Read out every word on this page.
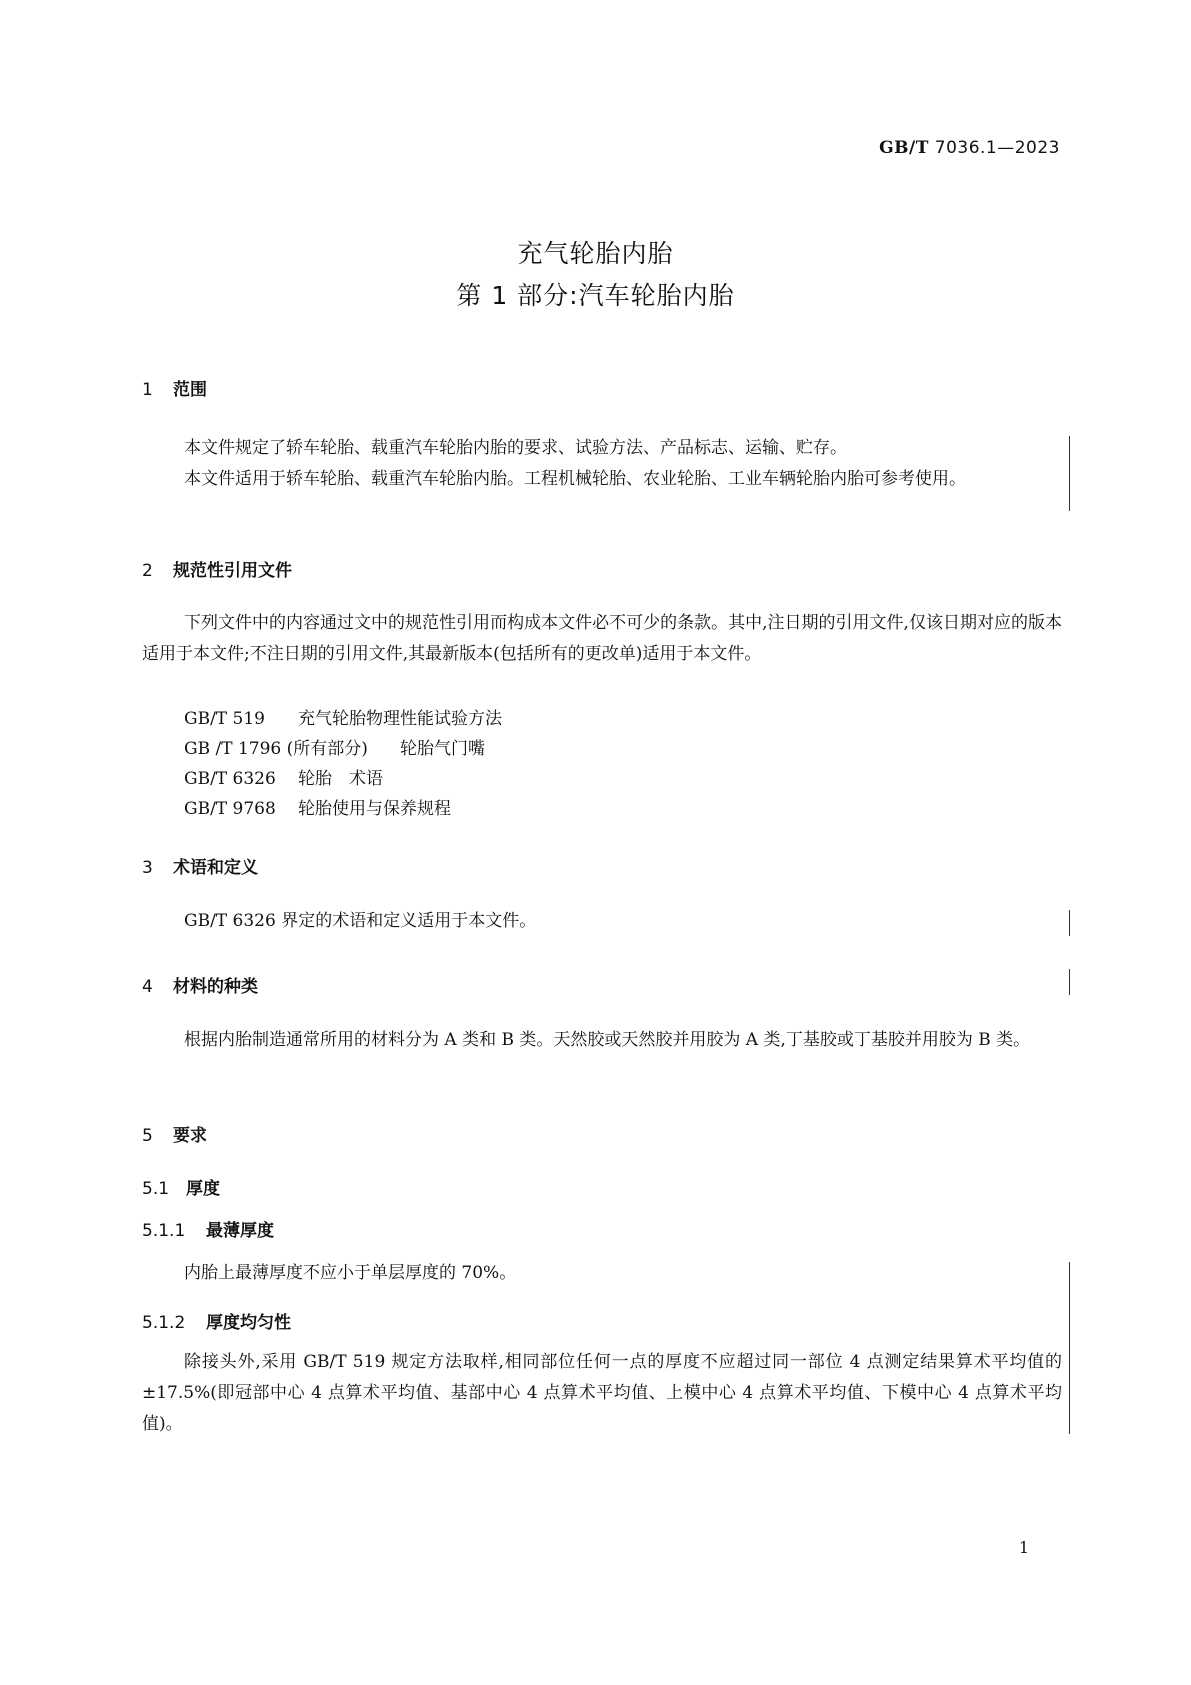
GB/T 7036.1—2023
充气轮胎内胎
第 1 部分:汽车轮胎内胎
1 范围

本文件规定了轿车轮胎、载重汽车轮胎内胎的要求、试验方法、产品标志、运输、贮存。

本文件适用于轿车轮胎、载重汽车轮胎内胎。工程机械轮胎、农业轮胎、工业车辆轮胎内胎可参考使用。

2 规范性引用文件

下列文件中的内容通过文中的规范性引用而构成本文件必不可少的条款。其中,注日期的引用文件,仅该日期对应的版本适用于本文件;不注日期的引用文件,其最新版本(包括所有的更改单)适用于本文件。

GB/T 519 充气轮胎物理性能试验方法
GB /T 1796 (所有部分) 轮胎气门嘴
GB/T 6326 轮胎　术语
GB/T 9768 轮胎使用与保养规程
3 术语和定义

GB/T 6326 界定的术语和定义适用于本文件。

4 材料的种类

根据内胎制造通常所用的材料分为 A 类和 B 类。天然胶或天然胶并用胶为 A 类,丁基胶或丁基胶并用胶为 B 类。

5 要求
5.1 厚度
5.1.1 最薄厚度

内胎上最薄厚度不应小于单层厚度的 70%。

5.1.2 厚度均匀性

除接头外,采用 GB/T 519 规定方法取样,相同部位任何一点的厚度不应超过同一部位 4 点测定结果算术平均值的±17.5%(即冠部中心 4 点算术平均值、基部中心 4 点算术平均值、上模中心 4 点算术平均值、下模中心 4 点算术平均值)。

1
